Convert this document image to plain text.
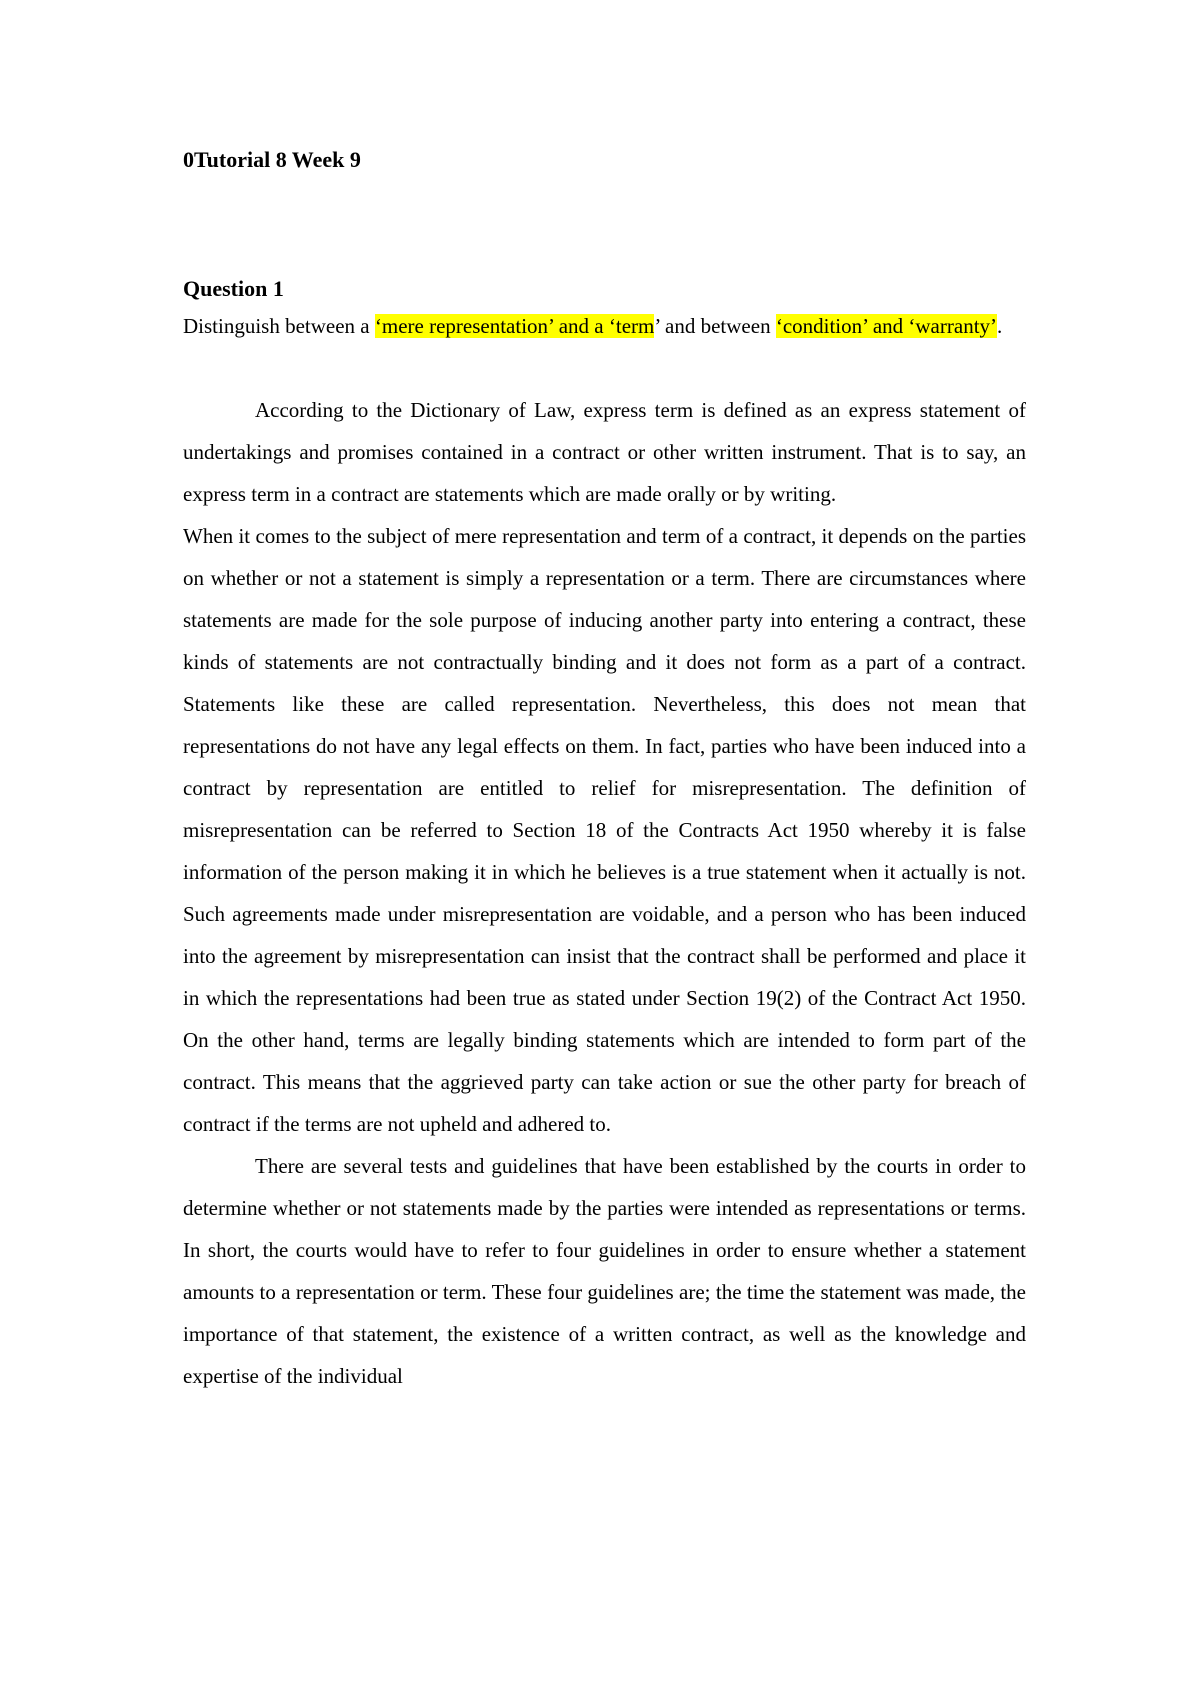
0Tutorial 8 Week 9

Question 1

Distinguish between a ‘mere representation’ and a ‘term’ and between ‘condition’ and ‘warranty’.

According to the Dictionary of Law, express term is defined as an express statement of undertakings and promises contained in a contract or other written instrument. That is to say, an express term in a contract are statements which are made orally or by writing.

When it comes to the subject of mere representation and term of a contract, it depends on the parties on whether or not a statement is simply a representation or a term. There are circumstances where statements are made for the sole purpose of inducing another party into entering a contract, these kinds of statements are not contractually binding and it does not form as a part of a contract. Statements like these are called representation. Nevertheless, this does not mean that representations do not have any legal effects on them. In fact, parties who have been induced into a contract by representation are entitled to relief for misrepresentation. The definition of misrepresentation can be referred to Section 18 of the Contracts Act 1950 whereby it is false information of the person making it in which he believes is a true statement when it actually is not. Such agreements made under misrepresentation are voidable, and a person who has been induced into the agreement by misrepresentation can insist that the contract shall be performed and place it in which the representations had been true as stated under Section 19(2) of the Contract Act 1950. On the other hand, terms are legally binding statements which are intended to form part of the contract. This means that the aggrieved party can take action or sue the other party for breach of contract if the terms are not upheld and adhered to.

There are several tests and guidelines that have been established by the courts in order to determine whether or not statements made by the parties were intended as representations or terms. In short, the courts would have to refer to four guidelines in order to ensure whether a statement amounts to a representation or term. These four guidelines are; the time the statement was made, the importance of that statement, the existence of a written contract, as well as the knowledge and expertise of the individual
